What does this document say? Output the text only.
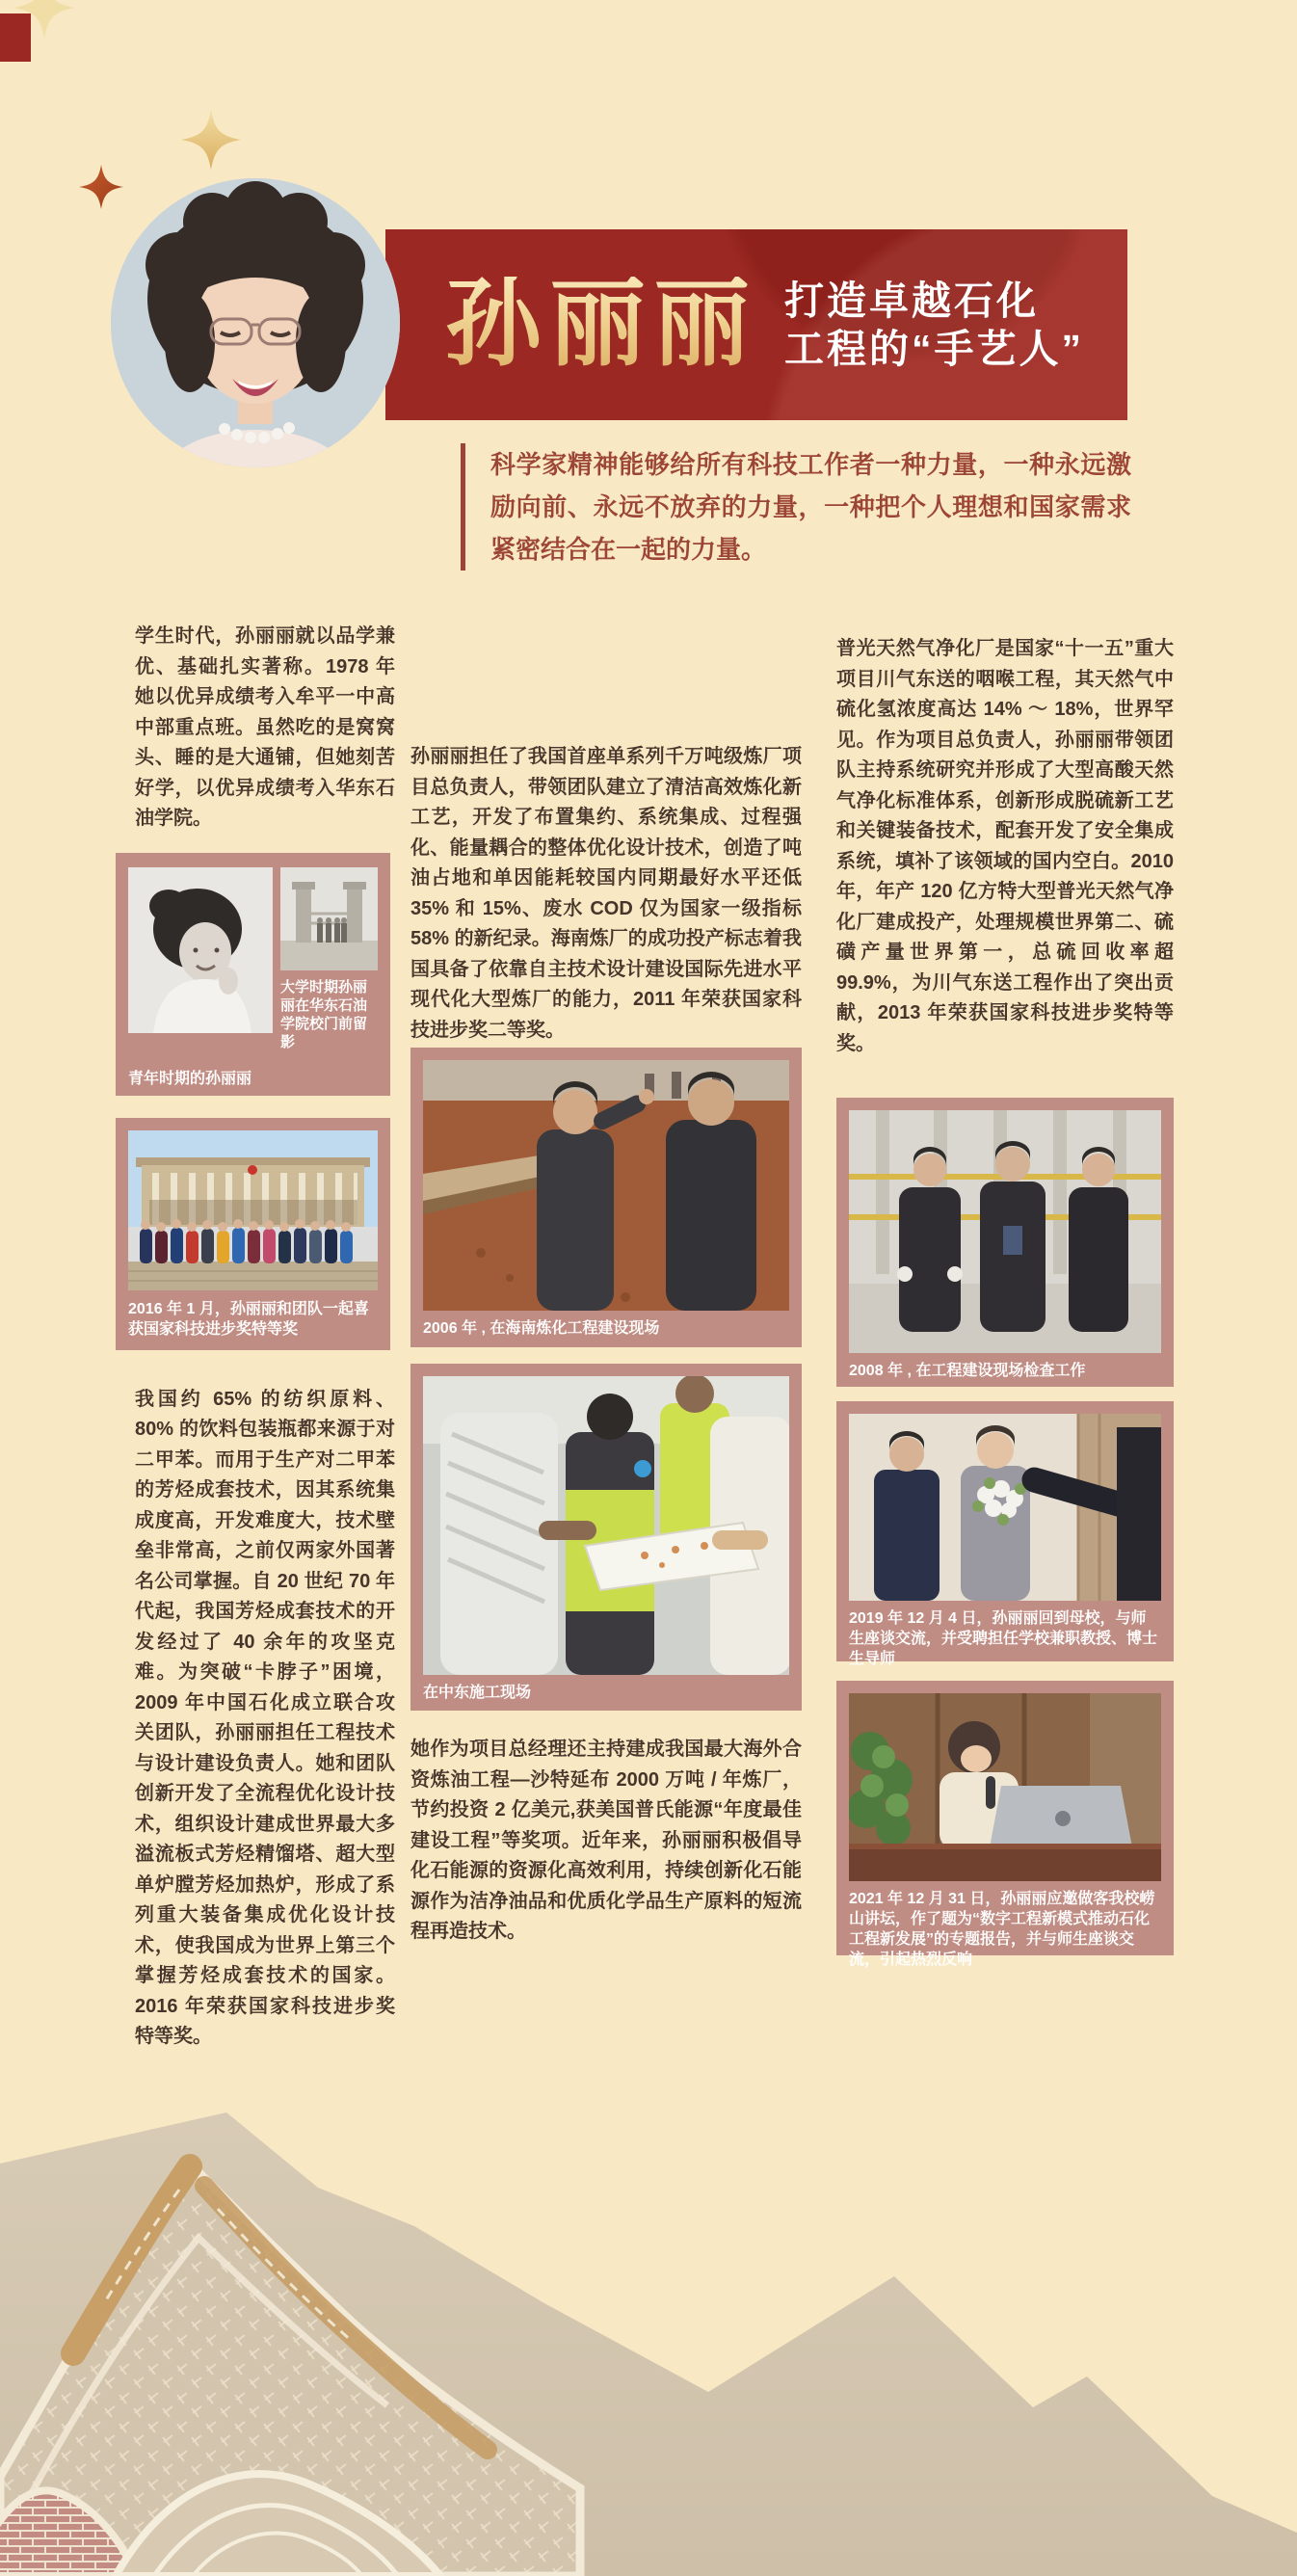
孙丽丽 打造卓越石化
工程的“手艺人”
科学家精神能够给所有科技工作者一种力量，一种永远激励向前、永远不放弃的力量，一种把个人理想和国家需求紧密结合在一起的力量。
学生时代，孙丽丽就以品学兼优、基础扎实著称。1978 年她以优异成绩考入牟平一中高中部重点班。虽然吃的是窝窝头、睡的是大通铺，但她刻苦好学，以优异成绩考入华东石油学院。
大学时期孙丽丽在华东石油学院校门前留影
青年时期的孙丽丽
2016 年 1 月，孙丽丽和团队一起喜获国家科技进步奖特等奖
我国约 65% 的纺织原料、80% 的饮料包装瓶都来源于对二甲苯。而用于生产对二甲苯的芳烃成套技术，因其系统集成度高，开发难度大，技术壁垒非常高，之前仅两家外国著名公司掌握。自 20 世纪 70 年代起，我国芳烃成套技术的开发经过了 40 余年的攻坚克难。为突破“卡脖子”困境，2009 年中国石化成立联合攻关团队，孙丽丽担任工程技术与设计建设负责人。她和团队创新开发了全流程优化设计技术，组织设计建成世界最大多溢流板式芳烃精馏塔、超大型单炉膛芳烃加热炉，形成了系列重大装备集成优化设计技术，使我国成为世界上第三个掌握芳烃成套技术的国家。2016 年荣获国家科技进步奖特等奖。
孙丽丽担任了我国首座单系列千万吨级炼厂项目总负责人，带领团队建立了清洁高效炼化新工艺，开发了布置集约、系统集成、过程强化、能量耦合的整体优化设计技术，创造了吨油占地和单因能耗较国内同期最好水平还低 35% 和 15%、废水 COD 仅为国家一级指标 58% 的新纪录。海南炼厂的成功投产标志着我国具备了依靠自主技术设计建设国际先进水平现代化大型炼厂的能力，2011 年荣获国家科技进步奖二等奖。
2006 年 , 在海南炼化工程建设现场
在中东施工现场
她作为项目总经理还主持建成我国最大海外合资炼油工程—沙特延布 2000 万吨 / 年炼厂，节约投资 2 亿美元,获美国普氏能源“年度最佳建设工程”等奖项。近年来，孙丽丽积极倡导化石能源的资源化高效利用，持续创新化石能源作为洁净油品和优质化学品生产原料的短流程再造技术。
普光天然气净化厂是国家“十一五”重大项目川气东送的咽喉工程，其天然气中硫化氢浓度高达 14% ～ 18%，世界罕见。作为项目总负责人，孙丽丽带领团队主持系统研究并形成了大型高酸天然气净化标准体系，创新形成脱硫新工艺和关键装备技术，配套开发了安全集成系统，填补了该领域的国内空白。2010 年，年产 120 亿方特大型普光天然气净化厂建成投产，处理规模世界第二、硫磺产量世界第一，总硫回收率超 99.9%，为川气东送工程作出了突出贡献，2013 年荣获国家科技进步奖特等奖。
2008 年 , 在工程建设现场检查工作
2019 年 12 月 4 日，孙丽丽回到母校，与师生座谈交流，并受聘担任学校兼职教授、博士生导师
2021 年 12 月 31 日，孙丽丽应邀做客我校崂山讲坛，作了题为“数字工程新模式推动石化工程新发展”的专题报告，并与师生座谈交流，引起热烈反响
